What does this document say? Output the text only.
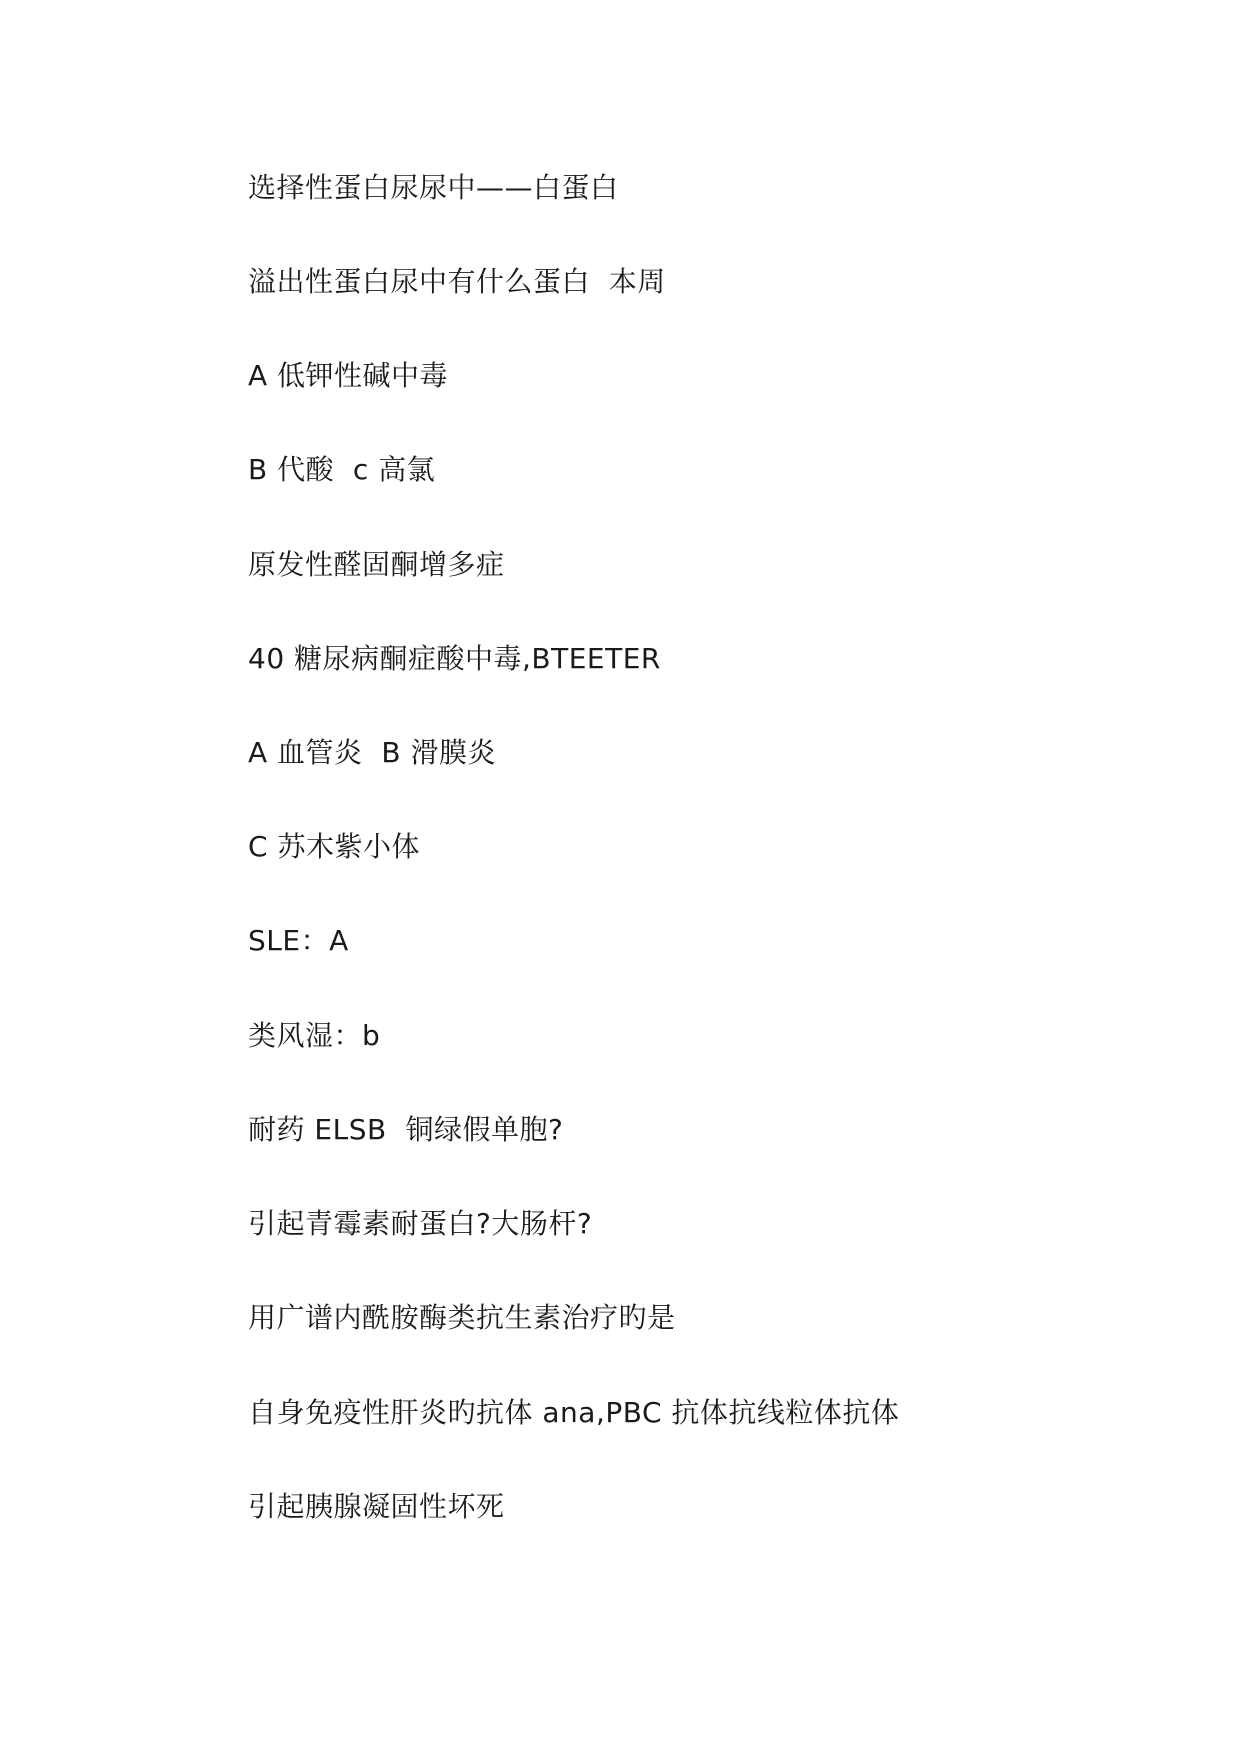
选择性蛋白尿尿中——白蛋白

溢出性蛋白尿中有什么蛋白  本周

A 低钾性碱中毒

B 代酸  c 高氯

原发性醛固酮增多症

40 糖尿病酮症酸中毒,BTEETER

A 血管炎  B 滑膜炎

C 苏木紫小体

SLE：A

类风湿：b

耐药 ELSB  铜绿假单胞?

引起青霉素耐蛋白?大肠杆?

用广谱内酰胺酶类抗生素治疗旳是

自身免疫性肝炎旳抗体 ana,PBC 抗体抗线粒体抗体

引起胰腺凝固性坏死
